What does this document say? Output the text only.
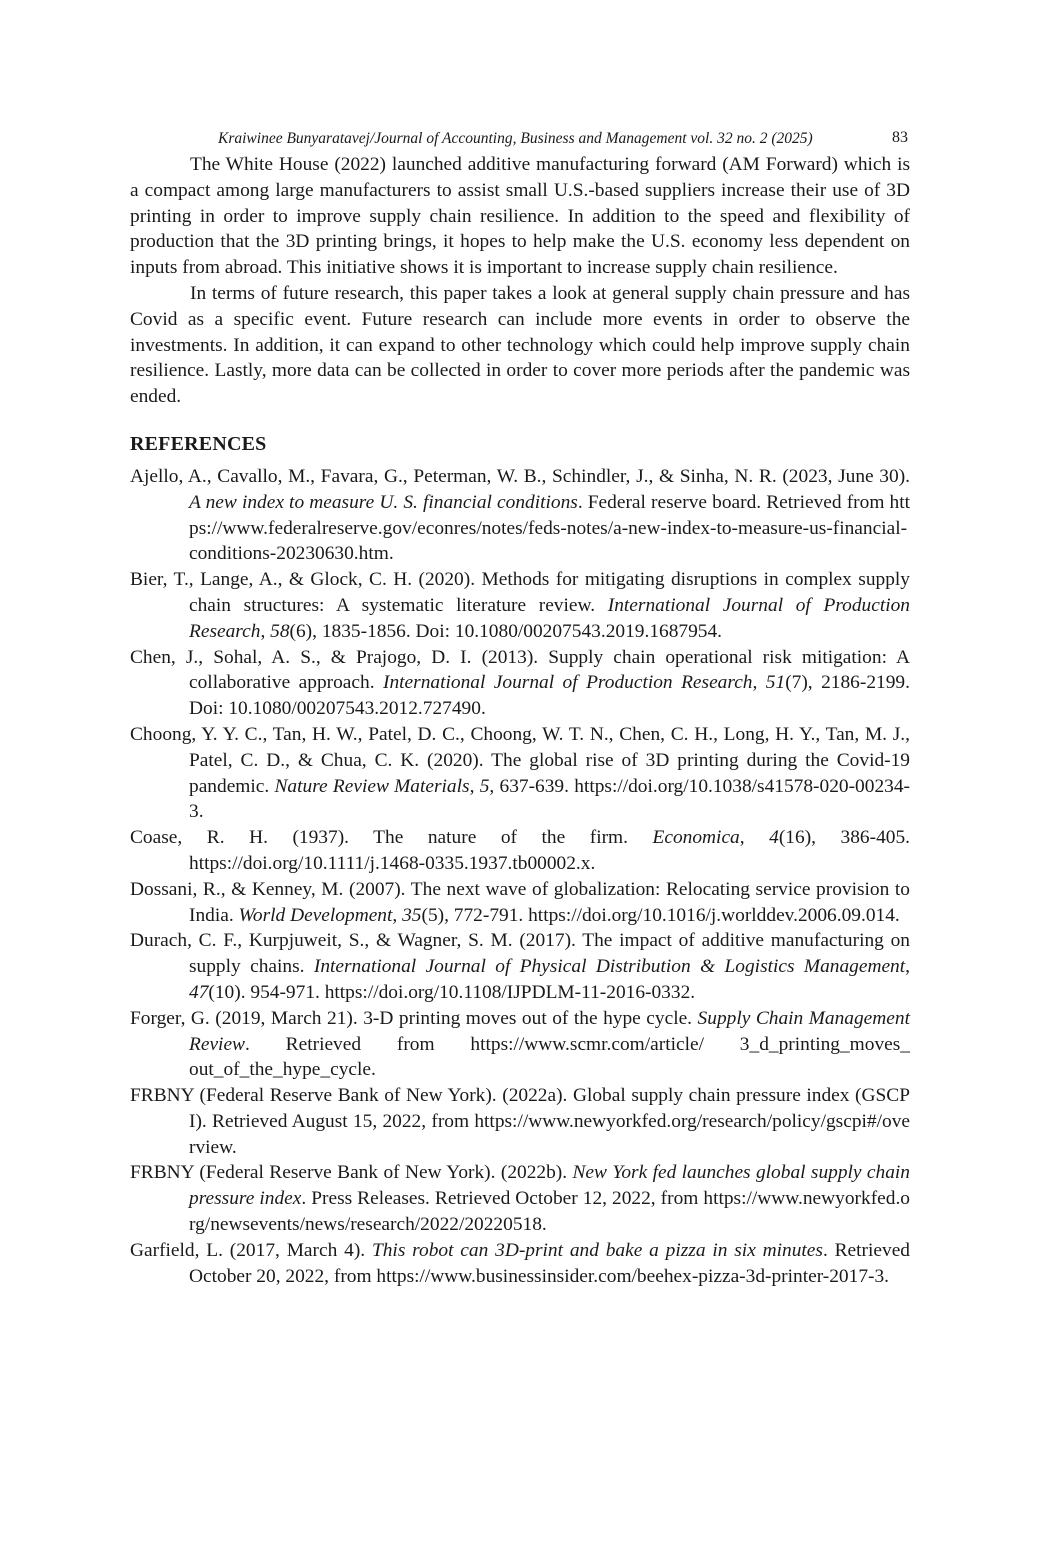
Kraiwinee Bunyaratavej/Journal of Accounting, Business and Management vol. 32 no. 2 (2025)	83

The White House (2022) launched additive manufacturing forward (AM Forward) which is a compact among large manufacturers to assist small U.S.-based suppliers increase their use of 3D printing in order to improve supply chain resilience. In addition to the speed and flexibility of production that the 3D printing brings, it hopes to help make the U.S. economy less dependent on inputs from abroad. This initiative shows it is important to increase supply chain resilience.

In terms of future research, this paper takes a look at general supply chain pressure and has Covid as a specific event. Future research can include more events in order to observe the investments. In addition, it can expand to other technology which could help improve supply chain resilience. Lastly, more data can be collected in order to cover more periods after the pandemic was ended.

REFERENCES

Ajello, A., Cavallo, M., Favara, G., Peterman, W. B., Schindler, J., & Sinha, N. R. (2023, June 30). A new index to measure U. S. financial conditions. Federal reserve board. Retrieved from https://www.federalreserve.gov/econres/notes/feds-notes/a-new-index-to-measure-us-financial-conditions-20230630.htm.

Bier, T., Lange, A., & Glock, C. H. (2020). Methods for mitigating disruptions in complex supply chain structures: A systematic literature review. International Journal of Production Research, 58(6), 1835-1856. Doi: 10.1080/00207543.2019.1687954.

Chen, J., Sohal, A. S., & Prajogo, D. I. (2013). Supply chain operational risk mitigation: A collaborative approach. International Journal of Production Research, 51(7), 2186-2199. Doi: 10.1080/00207543.2012.727490.

Choong, Y. Y. C., Tan, H. W., Patel, D. C., Choong, W. T. N., Chen, C. H., Long, H. Y., Tan, M. J., Patel, C. D., & Chua, C. K. (2020). The global rise of 3D printing during the Covid-19 pandemic. Nature Review Materials, 5, 637-639. https://doi.org/10.1038/s41578-020-00234-3.

Coase, R. H. (1937). The nature of the firm. Economica, 4(16), 386-405. https://doi.org/10.1111/j.1468-0335.1937.tb00002.x.

Dossani, R., & Kenney, M. (2007). The next wave of globalization: Relocating service provision to India. World Development, 35(5), 772-791. https://doi.org/10.1016/j.worlddev.2006.09.014.

Durach, C. F., Kurpjuweit, S., & Wagner, S. M. (2017). The impact of additive manufacturing on supply chains. International Journal of Physical Distribution & Logistics Management, 47(10). 954-971. https://doi.org/10.1108/IJPDLM-11-2016-0332.

Forger, G. (2019, March 21). 3-D printing moves out of the hype cycle. Supply Chain Management Review. Retrieved from https://www.scmr.com/article/ 3_d_printing_moves_ out_of_the_hype_cycle.

FRBNY (Federal Reserve Bank of New York). (2022a). Global supply chain pressure index (GSCPI). Retrieved August 15, 2022, from https://www.newyorkfed.org/research/policy/gscpi#/overview.

FRBNY (Federal Reserve Bank of New York). (2022b). New York fed launches global supply chain pressure index. Press Releases. Retrieved October 12, 2022, from https://www.newyorkfed.org/newsevents/news/research/2022/20220518.

Garfield, L. (2017, March 4). This robot can 3D-print and bake a pizza in six minutes. Retrieved October 20, 2022, from https://www.businessinsider.com/beehex-pizza-3d-printer-2017-3.
